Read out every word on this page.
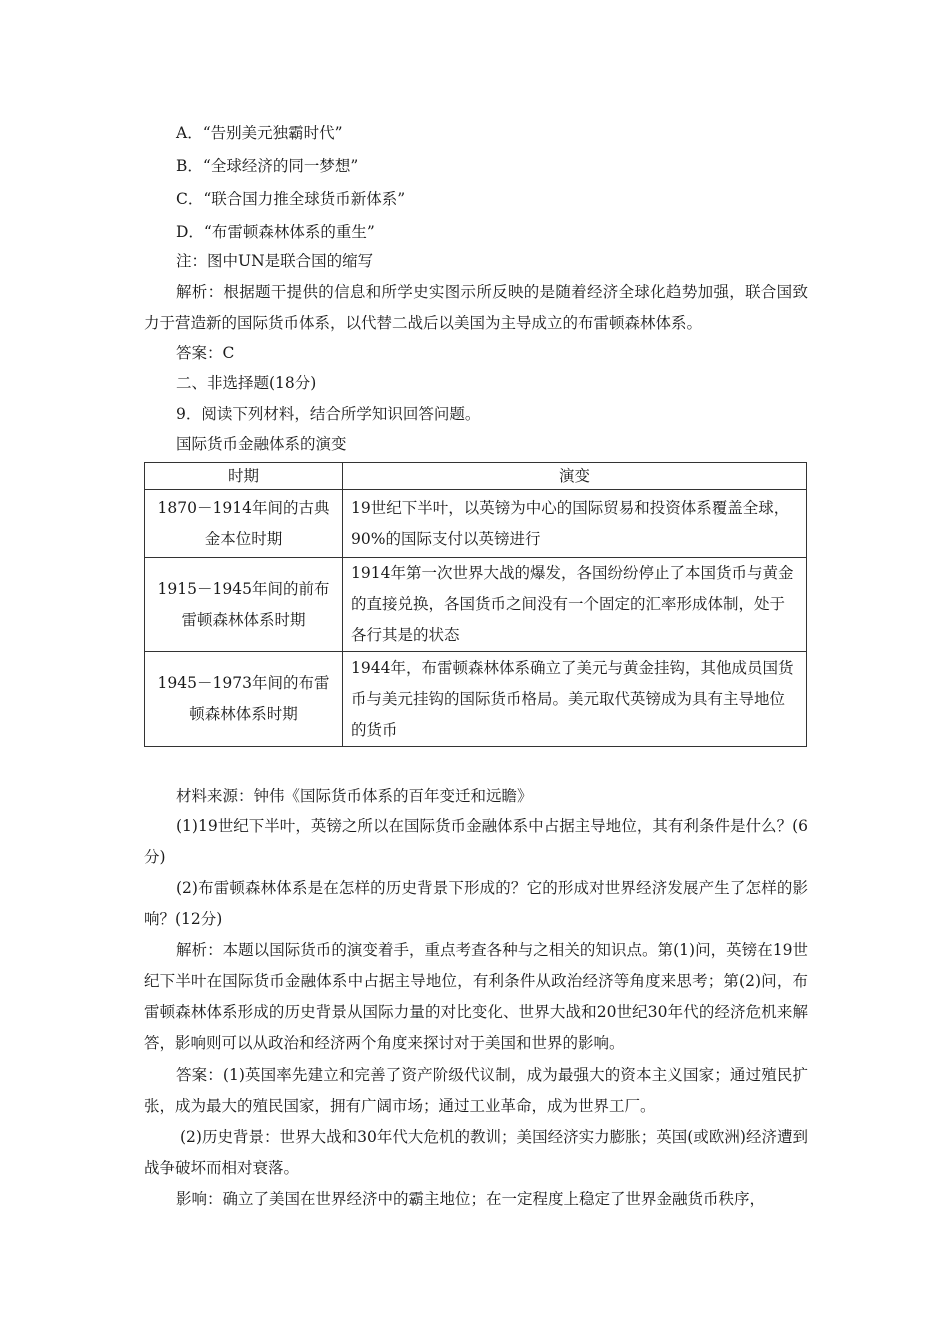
A．“告别美元独霸时代”
B．“全球经济的同一梦想”
C．“联合国力推全球货币新体系”
D．“布雷顿森林体系的重生”
注：图中UN是联合国的缩写
解析：根据题干提供的信息和所学史实图示所反映的是随着经济全球化趋势加强，联合国致力于营造新的国际货币体系，以代替二战后以美国为主导成立的布雷顿森林体系。
答案：C
二、非选择题(18分)
9．阅读下列材料，结合所学知识回答问题。
国际货币金融体系的演变
时期	演变
1870－1914年间的古典金本位时期	19世纪下半叶，以英镑为中心的国际贸易和投资体系覆盖全球，90%的国际支付以英镑进行
1915－1945年间的前布雷顿森林体系时期	1914年第一次世界大战的爆发，各国纷纷停止了本国货币与黄金的直接兑换，各国货币之间没有一个固定的汇率形成体制，处于各行其是的状态
1945－1973年间的布雷顿森林体系时期	1944年，布雷顿森林体系确立了美元与黄金挂钩，其他成员国货币与美元挂钩的国际货币格局。美元取代英镑成为具有主导地位的货币
材料来源：钟伟《国际货币体系的百年变迁和远瞻》
(1)19世纪下半叶，英镑之所以在国际货币金融体系中占据主导地位，其有利条件是什么？(6分)
(2)布雷顿森林体系是在怎样的历史背景下形成的？它的形成对世界经济发展产生了怎样的影响？(12分)
解析：本题以国际货币的演变着手，重点考查各种与之相关的知识点。第(1)问，英镑在19世纪下半叶在国际货币金融体系中占据主导地位，有利条件从政治经济等角度来思考；第(2)问，布雷顿森林体系形成的历史背景从国际力量的对比变化、世界大战和20世纪30年代的经济危机来解答，影响则可以从政治和经济两个角度来探讨对于美国和世界的影响。
答案：(1)英国率先建立和完善了资产阶级代议制，成为最强大的资本主义国家；通过殖民扩张，成为最大的殖民国家，拥有广阔市场；通过工业革命，成为世界工厂。
(2)历史背景：世界大战和30年代大危机的教训；美国经济实力膨胀；英国(或欧洲)经济遭到战争破坏而相对衰落。
影响：确立了美国在世界经济中的霸主地位；在一定程度上稳定了世界金融货币秩序，
